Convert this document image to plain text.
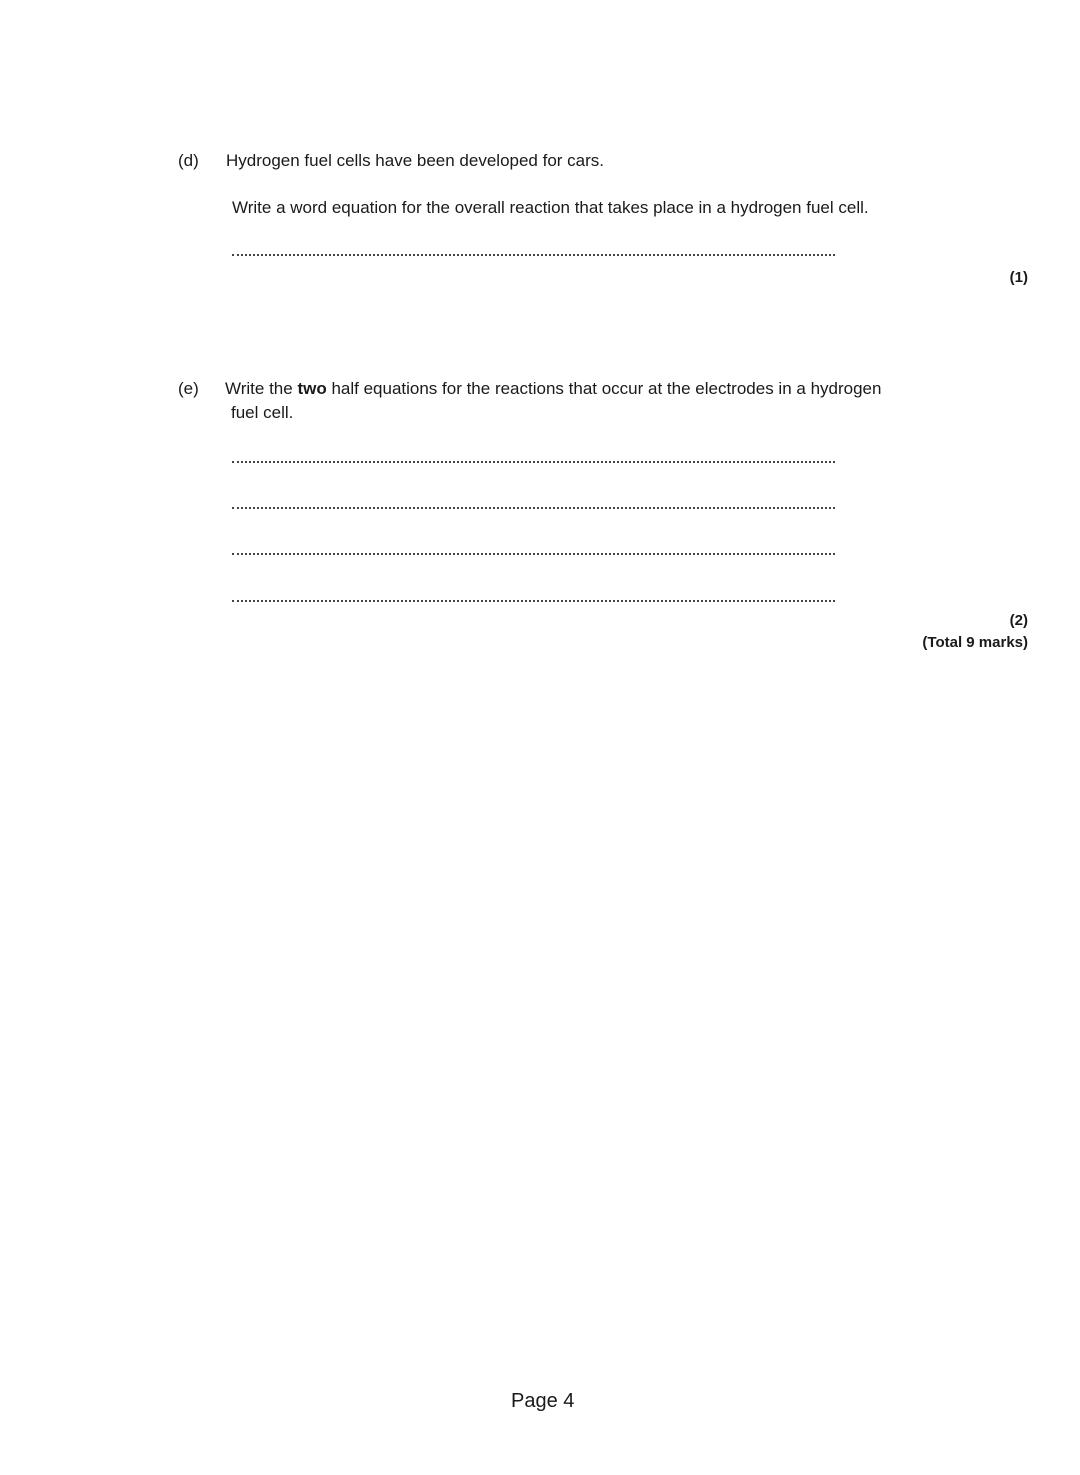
(d) Hydrogen fuel cells have been developed for cars.
Write a word equation for the overall reaction that takes place in a hydrogen fuel cell.
(1)
(e) Write the two half equations for the reactions that occur at the electrodes in a hydrogen
fuel cell.
(2)
(Total 9 marks)
Page 4
